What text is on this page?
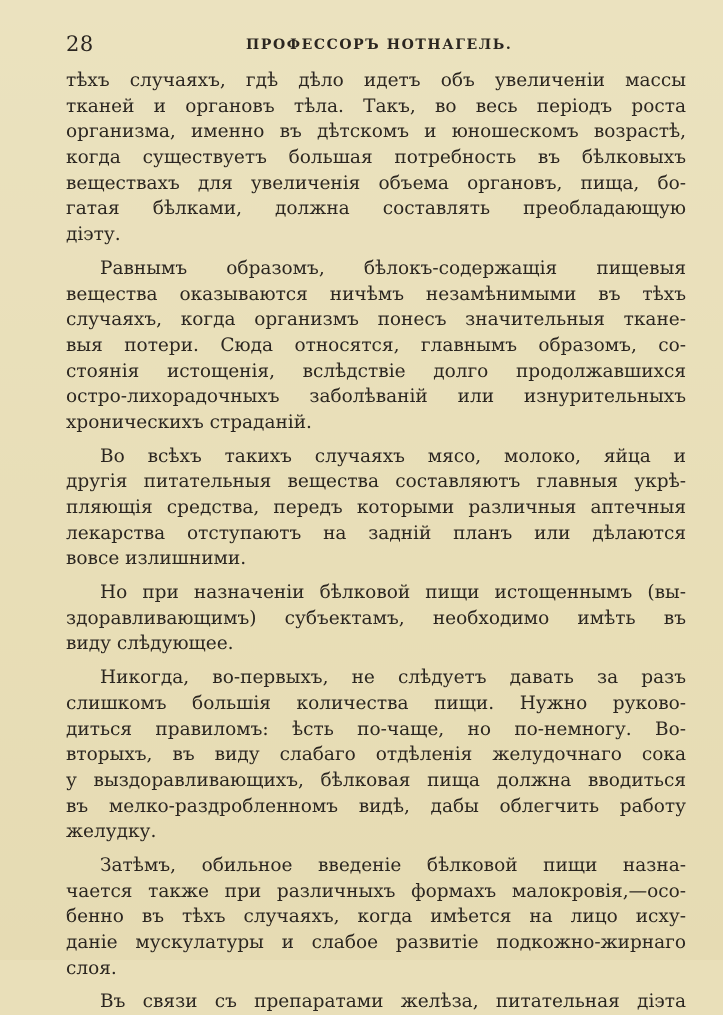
28	ПРОФЕССОРЪ НОТНАГЕЛЬ.
тѣхъ случаяхъ, гдѣ дѣло идетъ объ увеличеніи массы
тканей и органовъ тѣла. Такъ, во весь періодъ роста
организма, именно въ дѣтскомъ и юношескомъ возрастѣ,
когда существуетъ большая потребность въ бѣлковыхъ
веществахъ для увеличенія объема органовъ, пища, бо-
гатая бѣлками, должна составлять преобладающую
діэту.
Равнымъ образомъ, бѣлокъ-содержащія пищевыя
вещества оказываются ничѣмъ незамѣнимыми въ тѣхъ
случаяхъ, когда организмъ понесъ значительныя ткане-
выя потери. Сюда относятся, главнымъ образомъ, со-
стоянія истощенія, вслѣдствіе долго продолжавшихся
остро-лихорадочныхъ заболѣваній или изнурительныхъ
хроническихъ страданій.
Во всѣхъ такихъ случаяхъ мясо, молоко, яйца и
другія питательныя вещества составляютъ главныя укрѣ-
пляющія средства, передъ которыми различныя аптечныя
лекарства отступаютъ на задній планъ или дѣлаются
вовсе излишними.
Но при назначеніи бѣлковой пищи истощеннымъ (вы-
здоравливающимъ) субъектамъ, необходимо имѣть въ
виду слѣдующее.
Никогда, во-первыхъ, не слѣдуетъ давать за разъ
слишкомъ большія количества пищи. Нужно руково-
диться правиломъ: ѣсть по-чаще, но по-немногу. Во-
вторыхъ, въ виду слабаго отдѣленія желудочнаго сока
у выздоравливающихъ, бѣлковая пища должна вводиться
въ мелко-раздробленномъ видѣ, дабы облегчить работу
желудку.
Затѣмъ, обильное введеніе бѣлковой пищи назна-
чается также при различныхъ формахъ малокровія,—осо-
бенно въ тѣхъ случаяхъ, когда имѣется на лицо исху-
даніе мускулатуры и слабое развитіе подкожно-жирнаго
слоя.
Въ связи съ препаратами желѣза, питательная діэта
